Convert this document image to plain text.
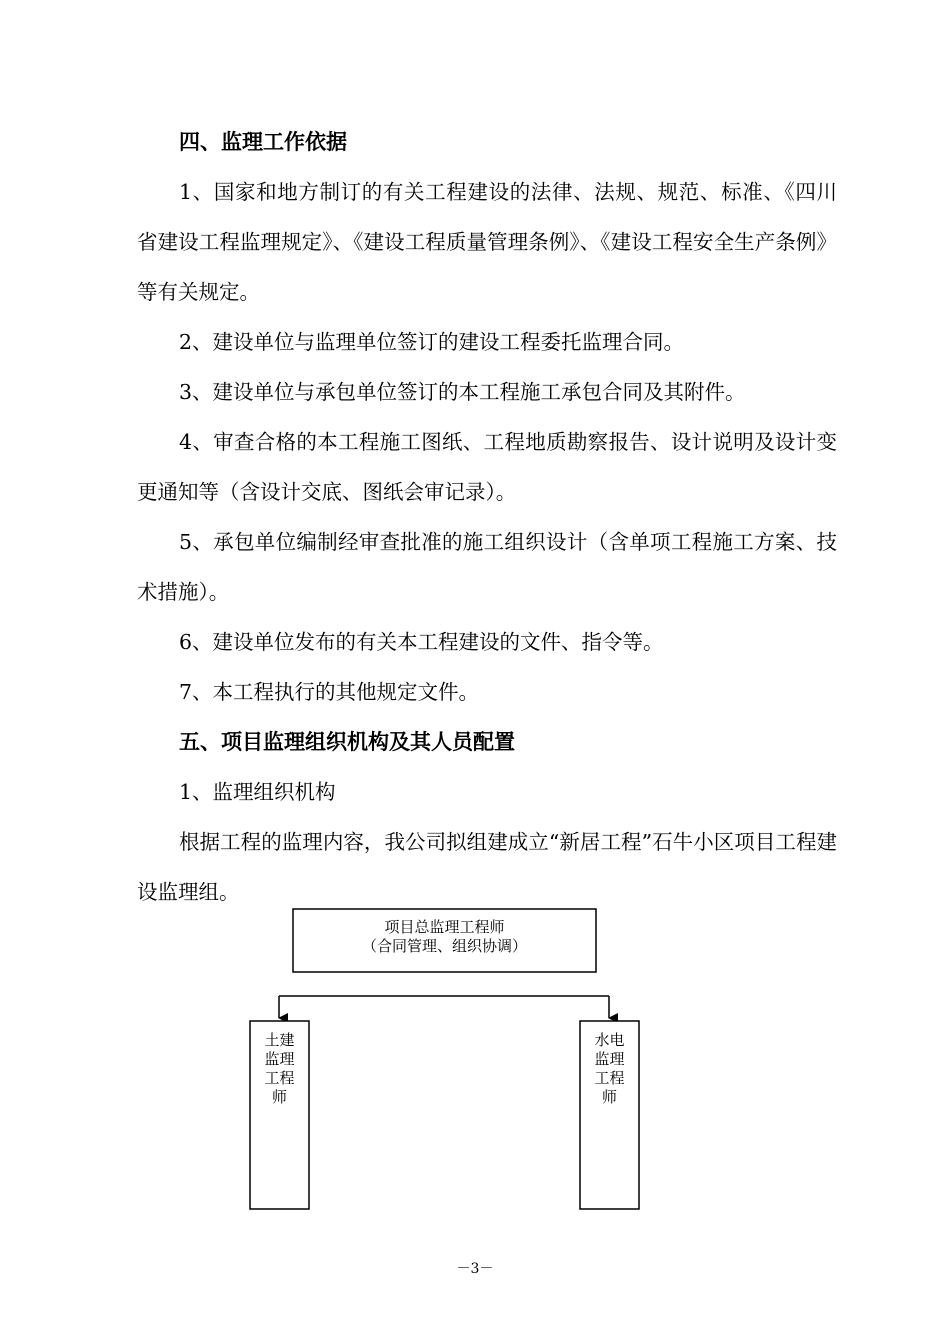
四、监理工作依据

1、国家和地方制订的有关工程建设的法律、法规、规范、标准、《四川省建设工程监理规定》、《建设工程质量管理条例》、《建设工程安全生产条例》等有关规定。

2、建设单位与监理单位签订的建设工程委托监理合同。

3、建设单位与承包单位签订的本工程施工承包合同及其附件。

4、审查合格的本工程施工图纸、工程地质勘察报告、设计说明及设计变更通知等（含设计交底、图纸会审记录）。

5、承包单位编制经审查批准的施工组织设计（含单项工程施工方案、技术措施）。

6、建设单位发布的有关本工程建设的文件、指令等。

7、本工程执行的其他规定文件。

五、项目监理组织机构及其人员配置

1、监理组织机构

根据工程的监理内容，我公司拟组建成立“新居工程”石牛小区项目工程建设监理组。

项目总监理工程师
（合同管理、组织协调）
土建
监理
工程
师
水电
监理
工程
师
－3－
